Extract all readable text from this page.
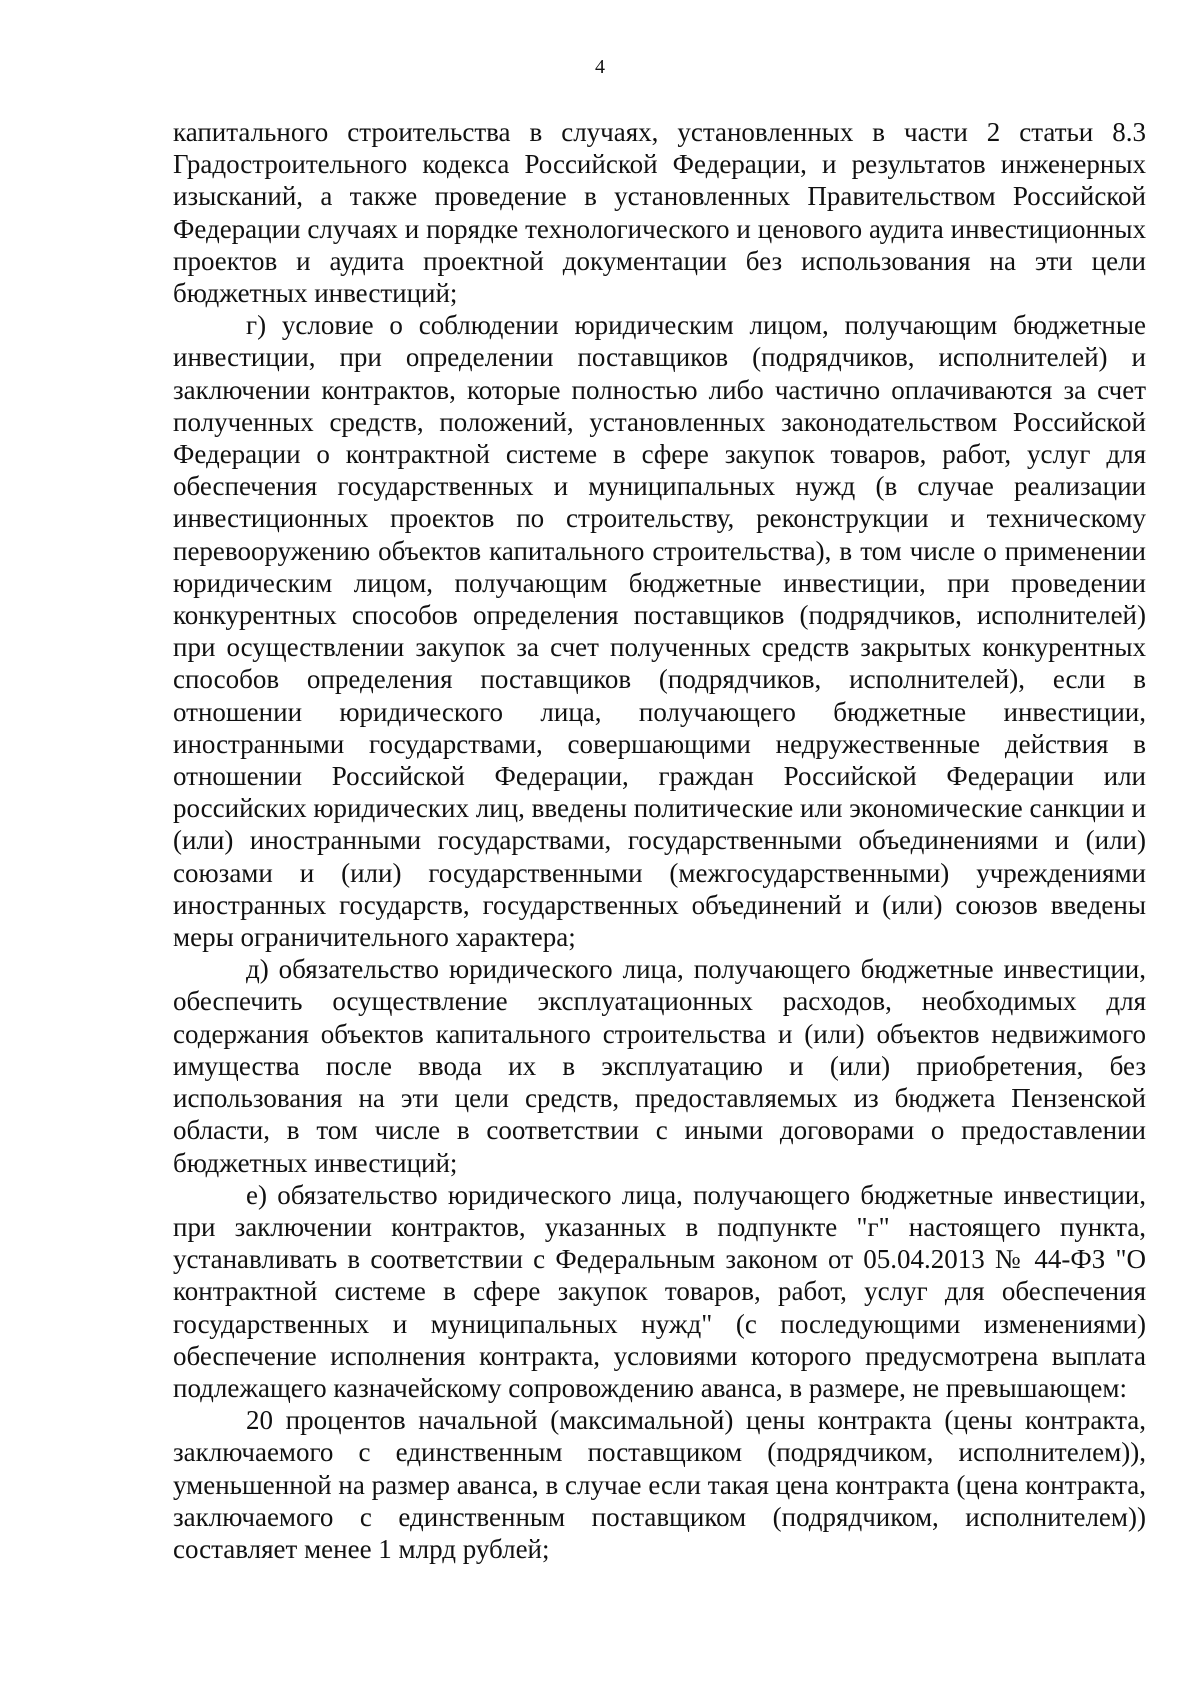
4

капитального строительства в случаях, установленных в части 2 статьи 8.3 Градостроительного кодекса Российской Федерации, и результатов инженерных изысканий, а также проведение в установленных Правительством Российской Федерации случаях и порядке технологического и ценового аудита инвестиционных проектов и аудита проектной документации без использования на эти цели бюджетных инвестиций;

г) условие о соблюдении юридическим лицом, получающим бюджетные инвестиции, при определении поставщиков (подрядчиков, исполнителей) и заключении контрактов, которые полностью либо частично оплачиваются за счет полученных средств, положений, установленных законодательством Российской Федерации о контрактной системе в сфере закупок товаров, работ, услуг для обеспечения государственных и муниципальных нужд (в случае реализации инвестиционных проектов по строительству, реконструкции и техническому перевооружению объектов капитального строительства), в том числе о применении юридическим лицом, получающим бюджетные инвестиции, при проведении конкурентных способов определения поставщиков (подрядчиков, исполнителей) при осуществлении закупок за счет полученных средств закрытых конкурентных способов определения поставщиков (подрядчиков, исполнителей), если в отношении юридического лица, получающего бюджетные инвестиции, иностранными государствами, совершающими недружественные действия в отношении Российской Федерации, граждан Российской Федерации или российских юридических лиц, введены политические или экономические санкции и (или) иностранными государствами, государственными объединениями и (или) союзами и (или) государственными (межгосударственными) учреждениями иностранных государств, государственных объединений и (или) союзов введены меры ограничительного характера;

д) обязательство юридического лица, получающего бюджетные инвестиции, обеспечить осуществление эксплуатационных расходов, необходимых для содержания объектов капитального строительства и (или) объектов недвижимого имущества после ввода их в эксплуатацию и (или) приобретения, без использования на эти цели средств, предоставляемых из бюджета Пензенской области, в том числе в соответствии с иными договорами о предоставлении бюджетных инвестиций;

е) обязательство юридического лица, получающего бюджетные инвестиции, при заключении контрактов, указанных в подпункте "г" настоящего пункта, устанавливать в соответствии с Федеральным законом от 05.04.2013 № 44-ФЗ "О контрактной системе в сфере закупок товаров, работ, услуг для обеспечения государственных и муниципальных нужд" (с последующими изменениями) обеспечение исполнения контракта, условиями которого предусмотрена выплата подлежащего казначейскому сопровождению аванса, в размере, не превышающем:

20 процентов начальной (максимальной) цены контракта (цены контракта, заключаемого с единственным поставщиком (подрядчиком, исполнителем)), уменьшенной на размер аванса, в случае если такая цена контракта (цена контракта, заключаемого с единственным поставщиком (подрядчиком, исполнителем)) составляет менее 1 млрд рублей;
